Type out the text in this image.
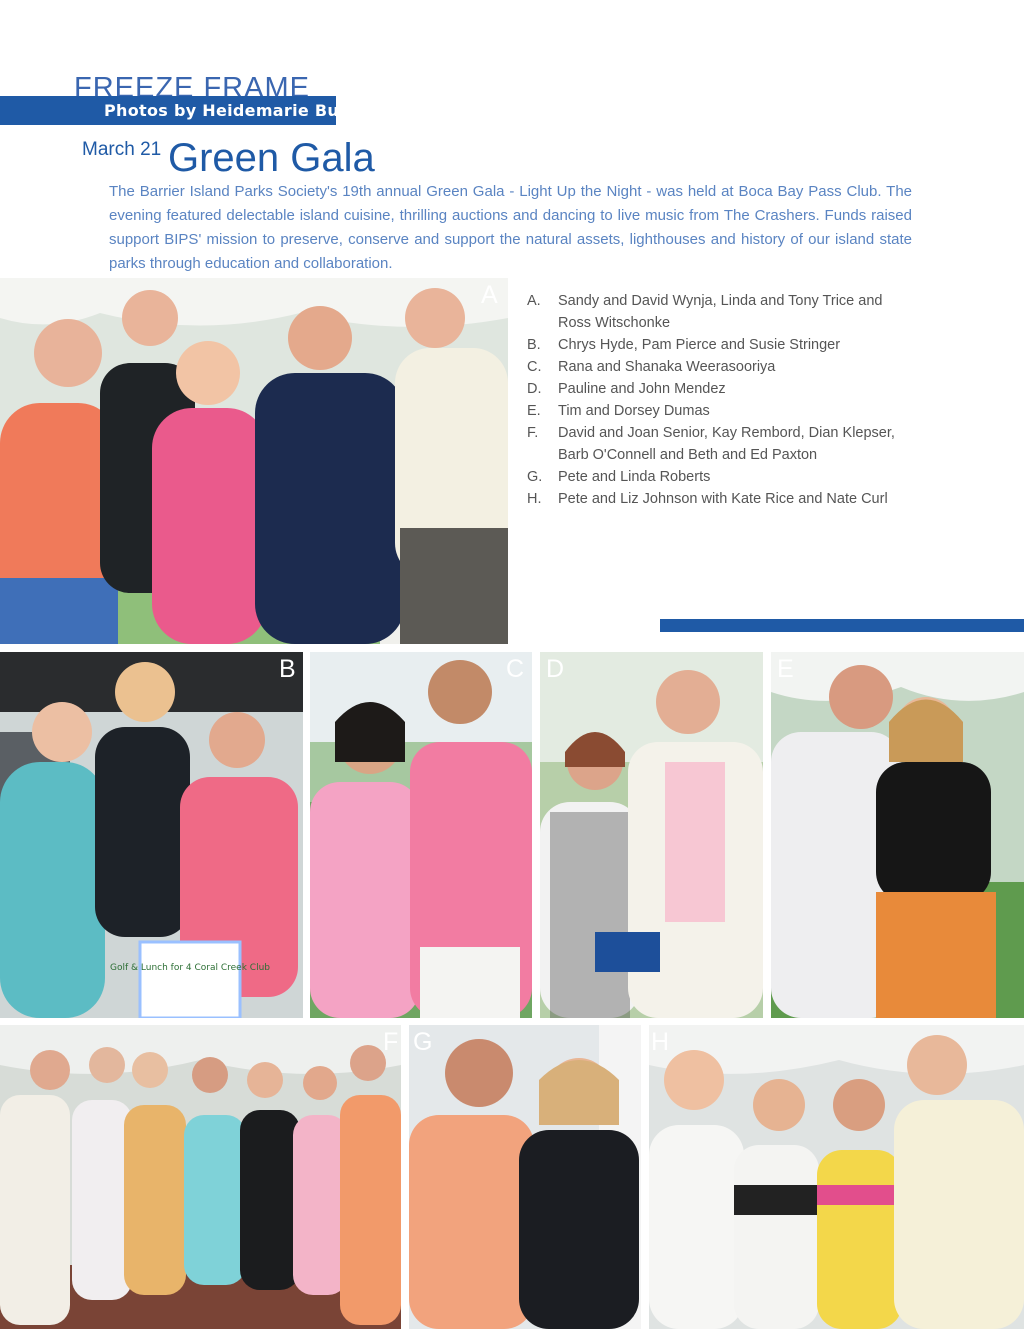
FREEZE FRAME
Photos by Heidemarie Burke
March 21 Green Gala
The Barrier Island Parks Society's 19th annual Green Gala - Light Up the Night - was held at Boca Bay Pass Club. The evening featured delectable island cuisine, thrilling auctions and dancing to live music from The Crashers. Funds raised support BIPS' mission to preserve, conserve and support the natural assets, lighthouses and history of our island state parks through education and collaboration.
A A.	Sandy and David Wynja, Linda and Tony Trice and Ross Witschonke
B.	Chrys Hyde, Pam Pierce and Susie Stringer
C.	Rana and Shanaka Weerasooriya
D.	Pauline and John Mendez
E.	Tim and Dorsey Dumas
F.	David and Joan Senior, Kay Rembord, Dian Klepser, Barb O'Connell and Beth and Ed Paxton
G.	Pete and Linda Roberts
H.	Pete and Liz Johnson with Kate Rice and Nate Curl
Golf & Lunch for 4 Coral Creek Club
B	C D	E
F G	H
